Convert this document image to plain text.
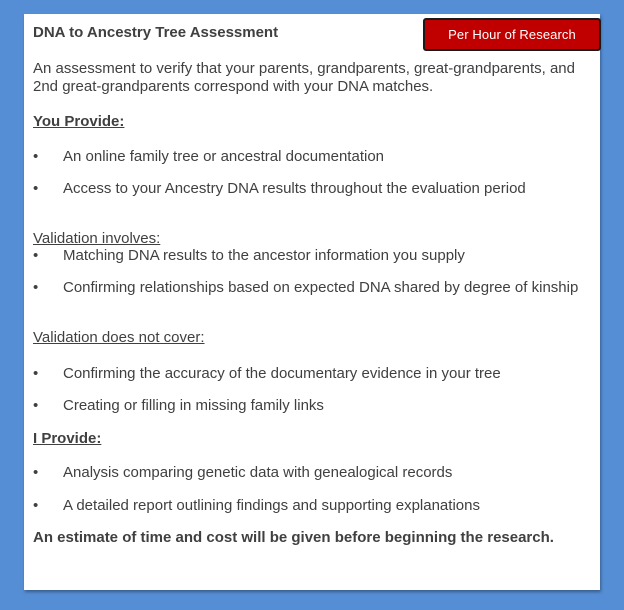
Per Hour of Research
DNA to Ancestry Tree Assessment
An assessment to verify that your parents, grandparents, great-grandparents, and
2nd great-grandparents correspond with your DNA matches.
You Provide:
• An online family tree or ancestral documentation
• Access to your Ancestry DNA results throughout the evaluation period
Validation involves:
• Matching DNA results to the ancestor information you supply
• Confirming relationships based on expected DNA shared by degree of kinship
Validation does not cover:
• Confirming the accuracy of the documentary evidence in your tree
• Creating or filling in missing family links
I Provide:
• Analysis comparing genetic data with genealogical records
• A detailed report outlining findings and supporting explanations

An estimate of time and cost will be given before beginning the research.
